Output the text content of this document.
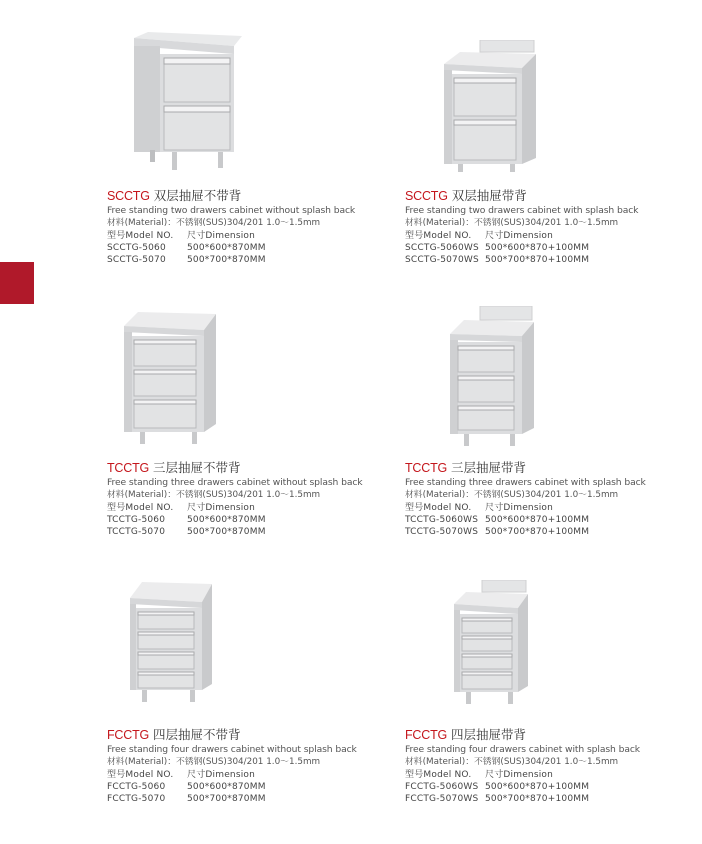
SCCTG 双层抽屉不带背
Free standing two drawers cabinet without splash back
材料(Material)：不锈钢(SUS)304/201 1.0～1.5mm
型号Model NO.	尺寸Dimension
SCCTG-5060	500*600*870MM
SCCTG-5070	500*700*870MM
SCCTG 双层抽屉带背
Free standing two drawers cabinet with splash back
材料(Material)：不锈钢(SUS)304/201 1.0～1.5mm
型号Model NO.	尺寸Dimension
SCCTG-5060WS 500*600*870+100MM
SCCTG-5070WS 500*700*870+100MM
TCCTG 三层抽屉不带背
Free standing three drawers cabinet without splash back
材料(Material)：不锈钢(SUS)304/201 1.0～1.5mm
型号Model NO.	尺寸Dimension
TCCTG-5060	500*600*870MM
TCCTG-5070	500*700*870MM
TCCTG 三层抽屉带背
Free standing three drawers cabinet with splash back
材料(Material)：不锈钢(SUS)304/201 1.0～1.5mm
型号Model NO.	尺寸Dimension
TCCTG-5060WS 500*600*870+100MM
TCCTG-5070WS 500*700*870+100MM
FCCTG 四层抽屉不带背
Free standing four drawers cabinet without splash back
材料(Material)：不锈钢(SUS)304/201 1.0～1.5mm
型号Model NO.	尺寸Dimension
FCCTG-5060	500*600*870MM
FCCTG-5070	500*700*870MM
FCCTG 四层抽屉带背
Free standing four drawers cabinet with splash back
材料(Material)：不锈钢(SUS)304/201 1.0～1.5mm
型号Model NO.	尺寸Dimension
FCCTG-5060WS 500*600*870+100MM
FCCTG-5070WS 500*700*870+100MM
